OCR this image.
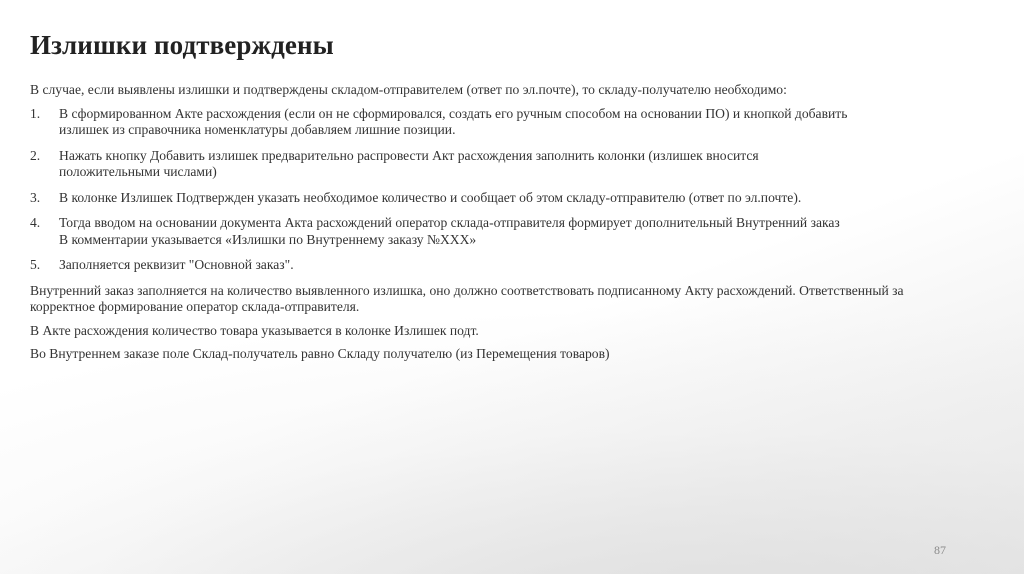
Излишки подтверждены

В случае, если выявлены излишки и подтверждены складом-отправителем (ответ по эл.почте), то складу-получателю необходимо:

1. В сформированном Акте расхождения (если он не сформировался, создать его ручным способом на основании ПО) и кнопкой добавить
излишек из справочника номенклатуры добавляем лишние позиции.
2. Нажать кнопку Добавить излишек предварительно распровести Акт расхождения заполнить колонки (излишек вносится
положительными числами)
3. В колонке Излишек Подтвержден указать необходимое количество и сообщает об этом складу-отправителю (ответ по эл.почте).
4. Тогда вводом на основании документа Акта расхождений оператор склада-отправителя формирует дополнительный Внутренний заказ
В комментарии указывается «Излишки по Внутреннему заказу №ХХХ»
5. Заполняется реквизит "Основной заказ".

Внутренний заказ заполняется на количество выявленного излишка, оно должно соответствовать подписанному Акту расхождений. Ответственный за корректное формирование оператор склада-отправителя.

В Акте расхождения количество товара указывается в колонке Излишек подт.

Во Внутреннем заказе поле Склад-получатель равно Складу получателю (из Перемещения товаров)

87
